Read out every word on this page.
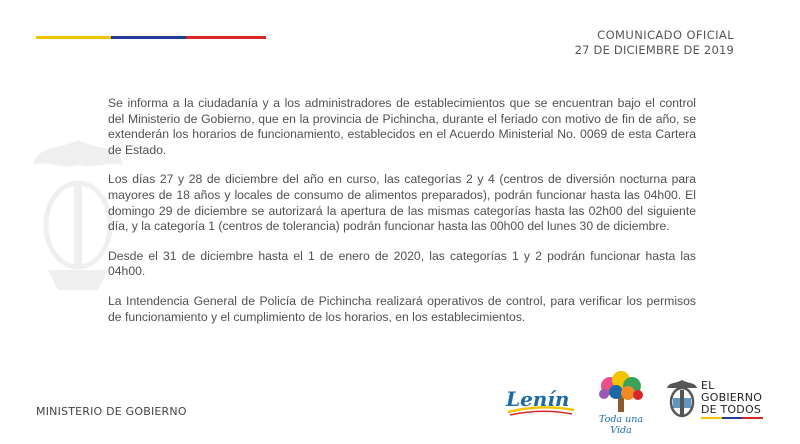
COMUNICADO OFICIAL
27 DE DICIEMBRE DE 2019

Se informa a la ciudadanía y a los administradores de establecimientos que se encuentran bajo el control del Ministerio de Gobierno, que en la provincia de Pichincha, durante el feriado con motivo de fin de año, se extenderán los horarios de funcionamiento, establecidos en el Acuerdo Ministerial No. 0069 de esta Cartera de Estado.

Los días 27 y 28 de diciembre del año en curso, las categorías 2 y 4 (centros de diversión nocturna para mayores de 18 años y locales de consumo de alimentos preparados), podrán funcionar hasta las 04h00. El domingo 29 de diciembre se autorizará la apertura de las mismas categorías hasta las 02h00 del siguiente día, y la categoría 1 (centros de tolerancia) podrán funcionar hasta las 00h00 del lunes 30 de diciembre.

Desde el 31 de diciembre hasta el 1 de enero de 2020, las categorías 1 y 2 podrán funcionar hasta las 04h00.

La Intendencia General de Policía de Pichincha realizará operativos de control, para verificar los permisos de funcionamiento y el cumplimiento de los horarios, en los establecimientos.

MINISTERIO DE GOBIERNO
Lenín
Toda una Vida
EL
GOBIERNO
DE TODOS
